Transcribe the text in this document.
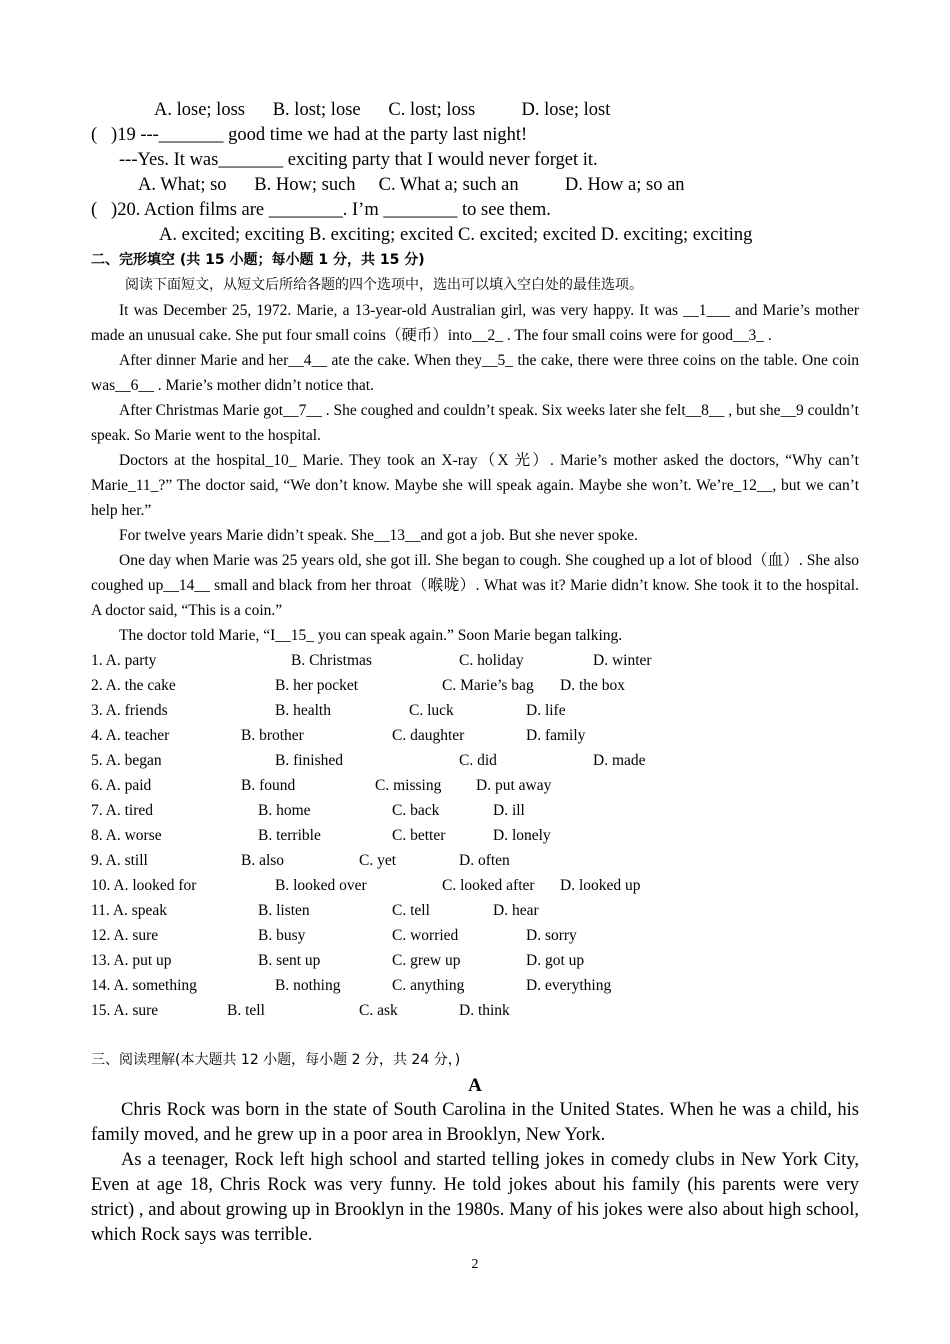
A. lose; loss      B. lost; lose      C. lost; loss          D. lose; lost
(   )19 ---_______ good time we had at the party last night!
---Yes. It was_______ exciting party that I would never forget it.
A. What; so      B. How; such     C. What a; such an          D. How a; so an
(   )20. Action films are ________. I’m ________ to see them.
A. excited; exciting B. exciting; excited C. excited; excited D. exciting; exciting
二、完形填空 (共 15 小题；每小题 1 分，共 15 分)
阅读下面短文，从短文后所给各题的四个选项中，选出可以填入空白处的最佳选项。
It was December 25, 1972. Marie, a 13-year-old Australian girl, was very happy. It was __1___ and Marie’s mother made an unusual cake. She put four small coins（硬币）into__2_ . The four small coins were for good__3_ .
After dinner Marie and her__4__ ate the cake. When they__5_ the cake, there were three coins on the table. One coin was__6__ . Marie’s mother didn’t notice that.
After Christmas Marie got__7__ . She coughed and couldn’t speak. Six weeks later she felt__8__ , but she__9 couldn’t speak. So Marie went to the hospital.
Doctors at the hospital_10_ Marie. They took an X-ray（X 光）. Marie’s mother asked the doctors, “Why can’t Marie_11_?” The doctor said, “We don’t know. Maybe she will speak again. Maybe she won’t. We’re_12__, but we can’t help her.”
For twelve years Marie didn’t speak. She__13__and got a job. But she never spoke.
One day when Marie was 25 years old, she got ill. She began to cough. She coughed up a lot of blood（血）. She also coughed up__14__ small and black from her throat（喉咙）. What was it? Marie didn’t know. She took it to the hospital. A doctor said, “This is a coin.”
The doctor told Marie, “I__15_ you can speak again.” Soon Marie began talking.
1. A. party	B. Christmas	C. holiday	D. winter
2. A. the cake	B. her pocket	C. Marie’s bag D. the box
3. A. friends	B. health	C. luck	D. life
4. A. teacher	B. brother	C. daughter	D. family
5. A. began	B. finished	C. did	D. made
6. A. paid	B. found	C. missing D. put away
7. A. tired	B. home	C. back	D. ill
8. A. worse	B. terrible	C. better	D. lonely
9. A. still	B. also	C. yet	D. often
10. A. looked for	B. looked over	C. looked after D. looked up
11. A. speak	B. listen	C. tell	D. hear
12. A. sure	B. busy	C. worried	D. sorry
13. A. put up	B. sent up	C. grew up	D. got up
14. A. something	B. nothing	C. anything	D. everything
15. A. sure	B. tell	C. ask	D. think
三、阅读理解(本大题共 12 小题，每小题 2 分，共 24 分，)
A
Chris Rock was born in the state of South Carolina in the United States. When he was a child, his family moved, and he grew up in a poor area in Brooklyn, New York.
As a teenager, Rock left high school and started telling jokes in comedy clubs in New York City, Even at age 18, Chris Rock was very funny. He told jokes about his family (his parents were very strict) , and about growing up in Brooklyn in the 1980s. Many of his jokes were also about high school, which Rock says was terrible.
2
